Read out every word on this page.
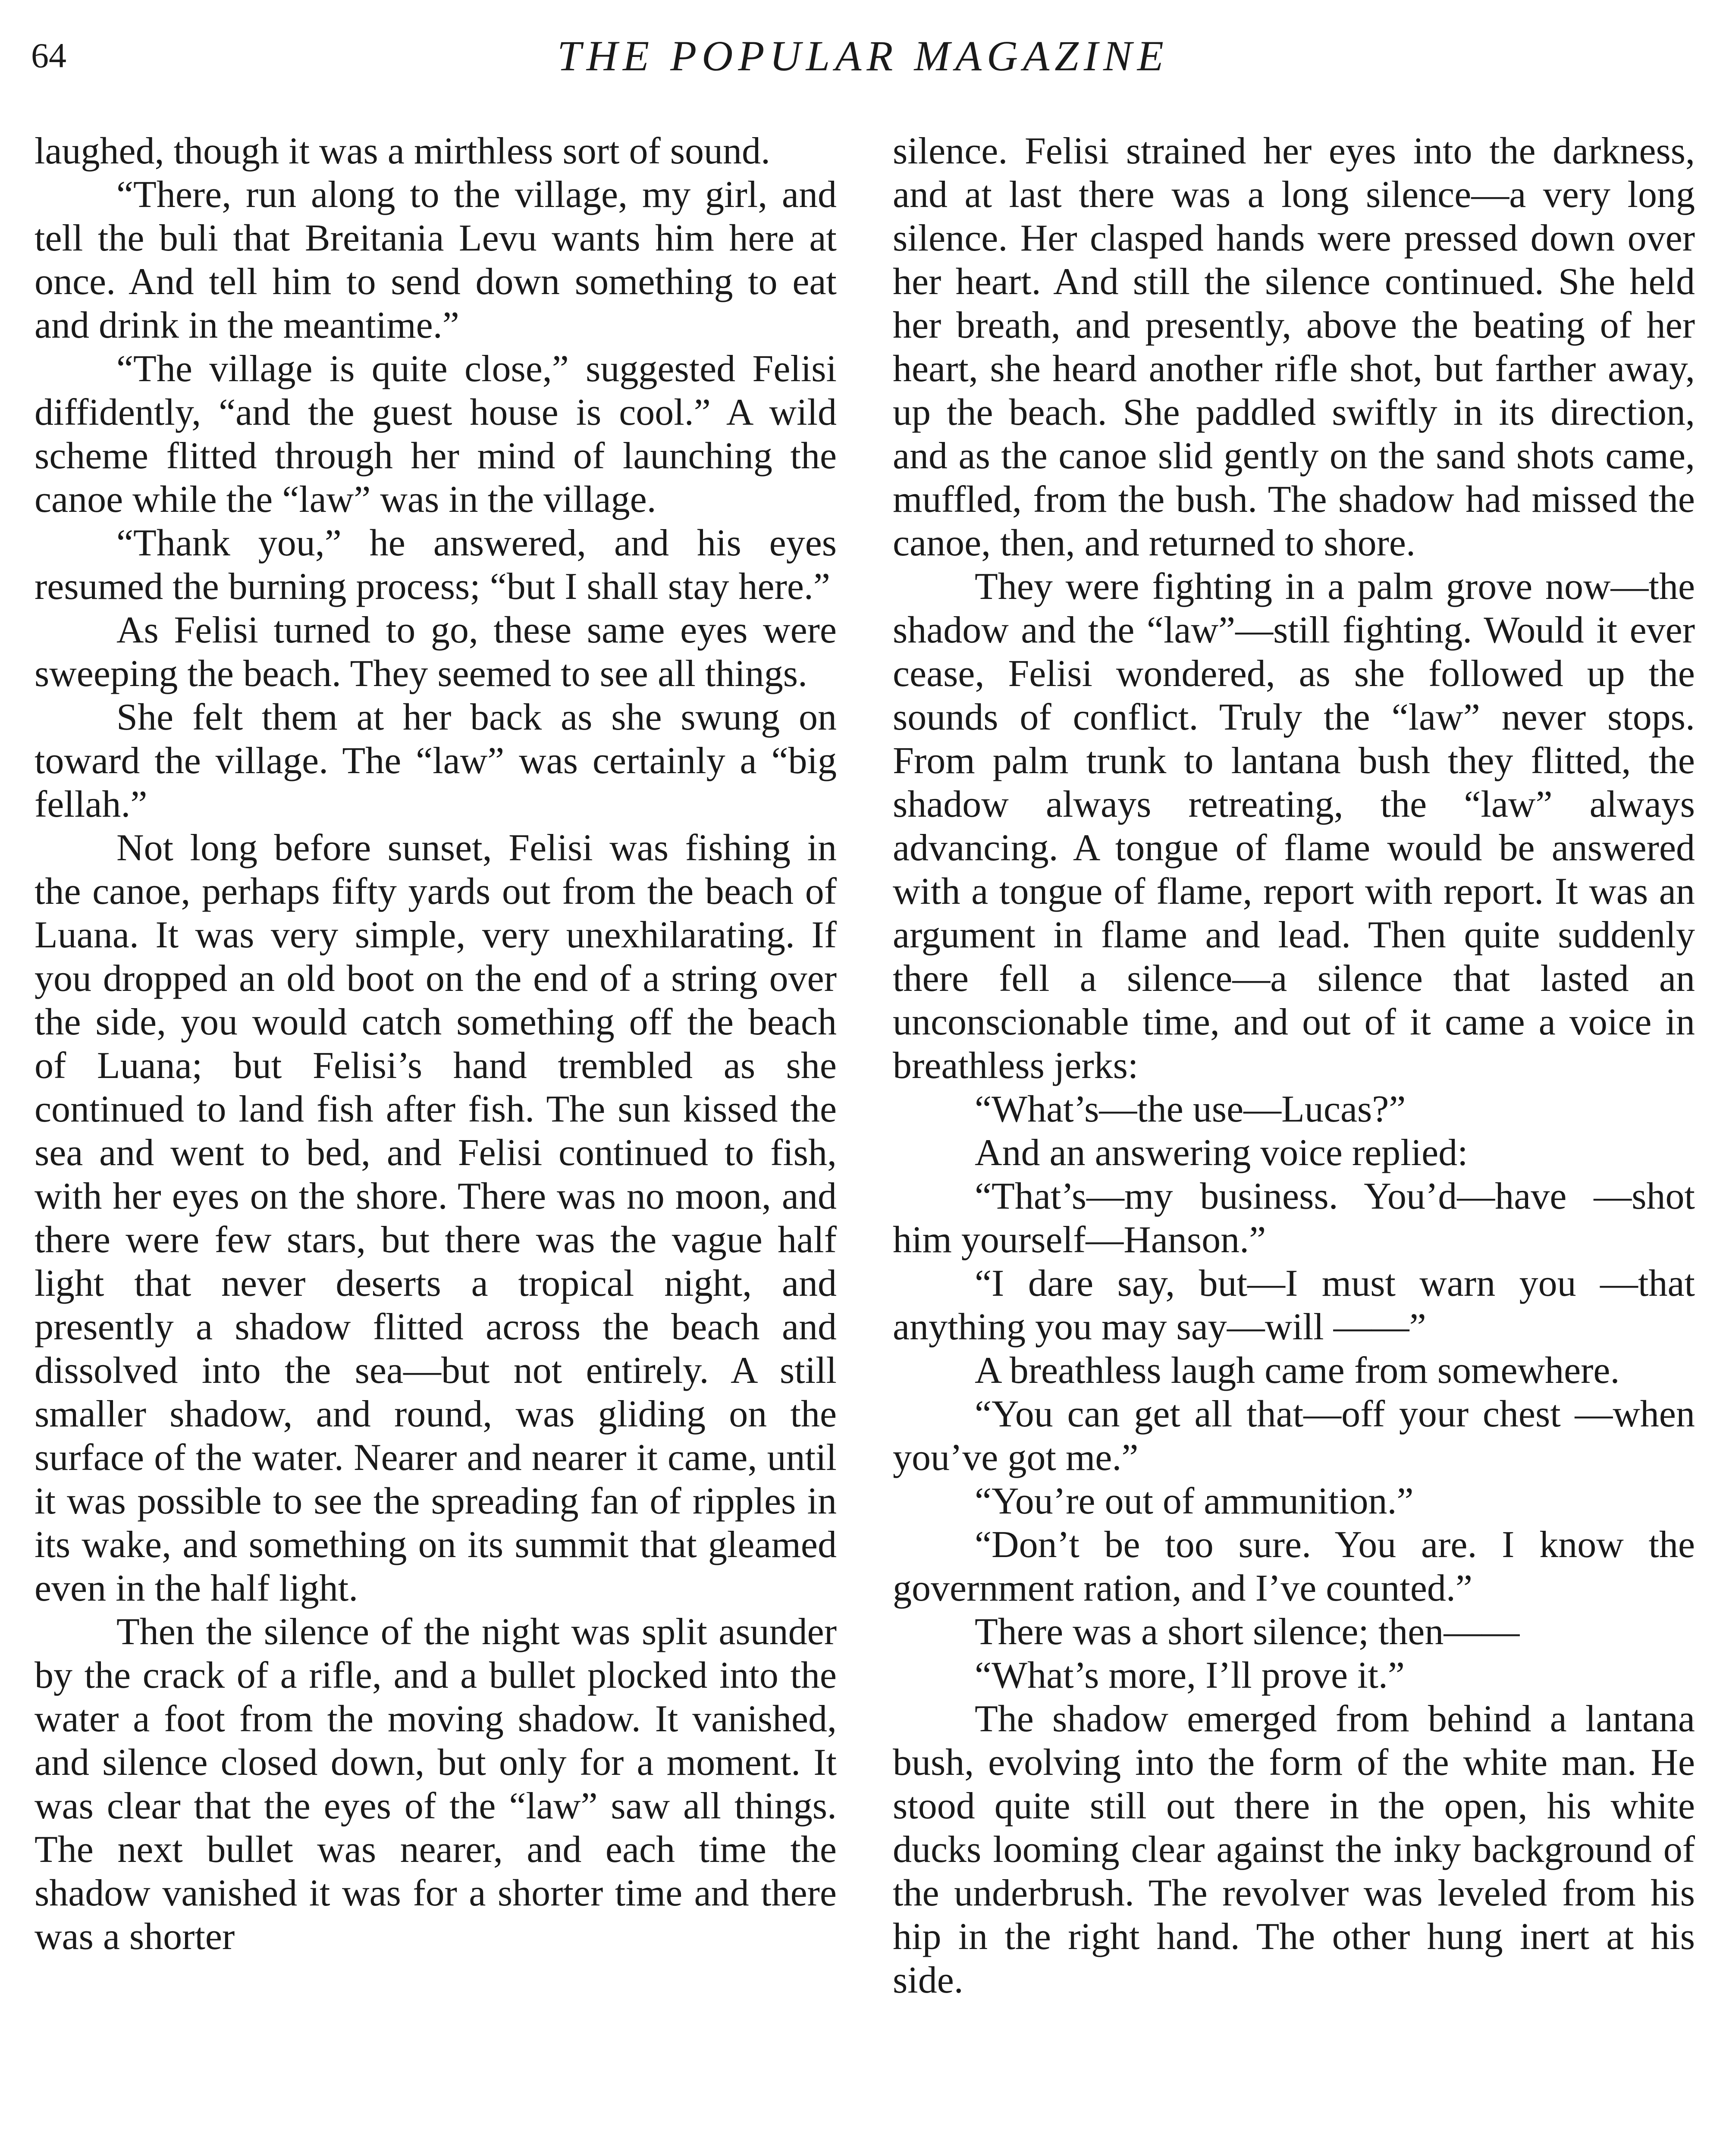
64	THE POPULAR MAGAZINE

laughed, though it was a mirthless sort of sound.

“There, run along to the village, my girl, and tell the buli that Breitania Levu wants him here at once. And tell him to send down something to eat and drink in the meantime.”

“The village is quite close,” suggested Felisi diffidently, “and the guest house is cool.” A wild scheme flitted through her mind of launching the canoe while the “law” was in the village.

“Thank you,” he answered, and his eyes resumed the burning process; “but I shall stay here.”

As Felisi turned to go, these same eyes were sweeping the beach. They seemed to see all things.

She felt them at her back as she swung on toward the village. The “law” was certainly a “big fellah.”

Not long before sunset, Felisi was fishing in the canoe, perhaps fifty yards out from the beach of Luana. It was very simple, very unexhilarating. If you dropped an old boot on the end of a string over the side, you would catch something off the beach of Luana; but Felisi’s hand trembled as she continued to land fish after fish. The sun kissed the sea and went to bed, and Felisi continued to fish, with her eyes on the shore. There was no moon, and there were few stars, but there was the vague half light that never deserts a tropical night, and presently a shadow flitted across the beach and dissolved into the sea—but not entirely. A still smaller shadow, and round, was gliding on the surface of the water. Nearer and nearer it came, until it was possible to see the spreading fan of ripples in its wake, and something on its summit that gleamed even in the half light.

Then the silence of the night was split asunder by the crack of a rifle, and a bullet plocked into the water a foot from the moving shadow. It vanished, and silence closed down, but only for a moment. It was clear that the eyes of the “law” saw all things. The next bullet was nearer, and each time the shadow vanished it was for a shorter time and there was a shorter

silence. Felisi strained her eyes into the darkness, and at last there was a long silence—a very long silence. Her clasped hands were pressed down over her heart. And still the silence continued. She held her breath, and presently, above the beating of her heart, she heard another rifle shot, but farther away, up the beach. She paddled swiftly in its direction, and as the canoe slid gently on the sand shots came, muffled, from the bush. The shadow had missed the canoe, then, and returned to shore.

They were fighting in a palm grove now—the shadow and the “law”—still fighting. Would it ever cease, Felisi wondered, as she followed up the sounds of conflict. Truly the “law” never stops. From palm trunk to lantana bush they flitted, the shadow always retreating, the “law” always advancing. A tongue of flame would be answered with a tongue of flame, report with report. It was an argument in flame and lead. Then quite suddenly there fell a silence—a silence that lasted an unconscionable time, and out of it came a voice in breathless jerks:

“What’s—the use—Lucas?”

And an answering voice replied:

“That’s—my business. You’d—have —shot him yourself—Hanson.”

“I dare say, but—I must warn you —that anything you may say—will ——”

A breathless laugh came from somewhere.

“You can get all that—off your chest —when you’ve got me.”

“You’re out of ammunition.”

“Don’t be too sure. You are. I know the government ration, and I’ve counted.”

There was a short silence; then——

“What’s more, I’ll prove it.”

The shadow emerged from behind a lantana bush, evolving into the form of the white man. He stood quite still out there in the open, his white ducks looming clear against the inky background of the underbrush. The revolver was leveled from his hip in the right hand. The other hung inert at his side.
